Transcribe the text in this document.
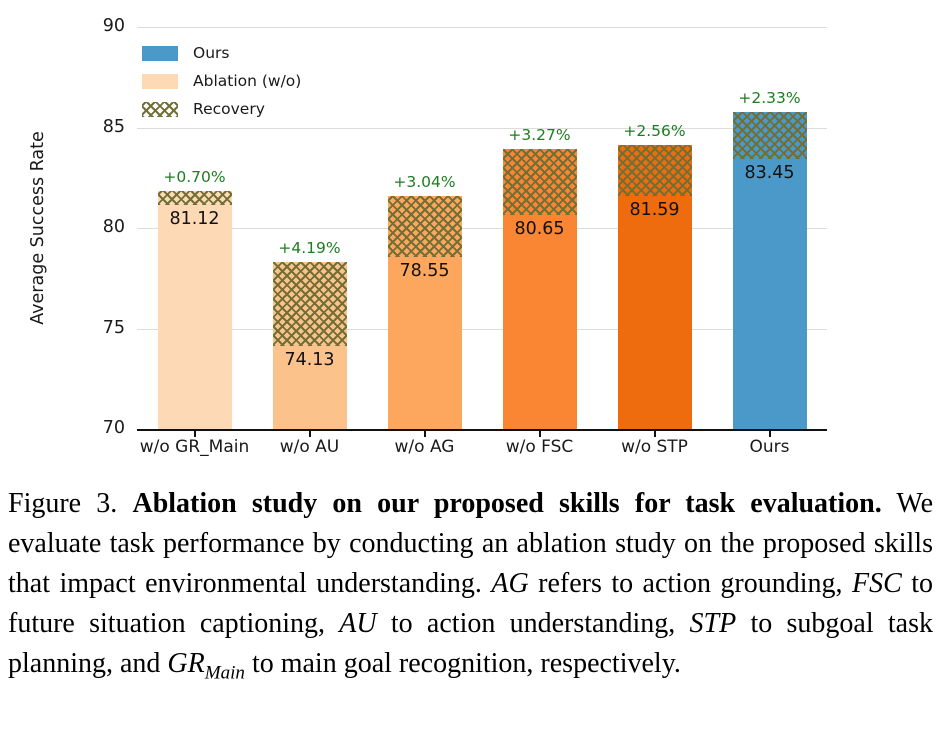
Average Success Rate
90
85
80
75
70
81.12
+0.70%
74.13
+4.19%
78.55
+3.04%
80.65
+3.27%
81.59
+2.56%
83.45
+2.33%
Ours
Ablation (w/o)
Recovery
w/o GR_Main	w/o AU	w/o AG	w/o FSC	w/o STP	Ours
Figure 3. Ablation study on our proposed skills for task evaluation. We evaluate task performance by conducting an ablation study on the proposed skills that impact environmental understanding. AG refers to action grounding, FSC to future situation captioning, AU to action understanding, STP to subgoal task planning, and $GR_{Main}$ to main goal recognition, respectively.
